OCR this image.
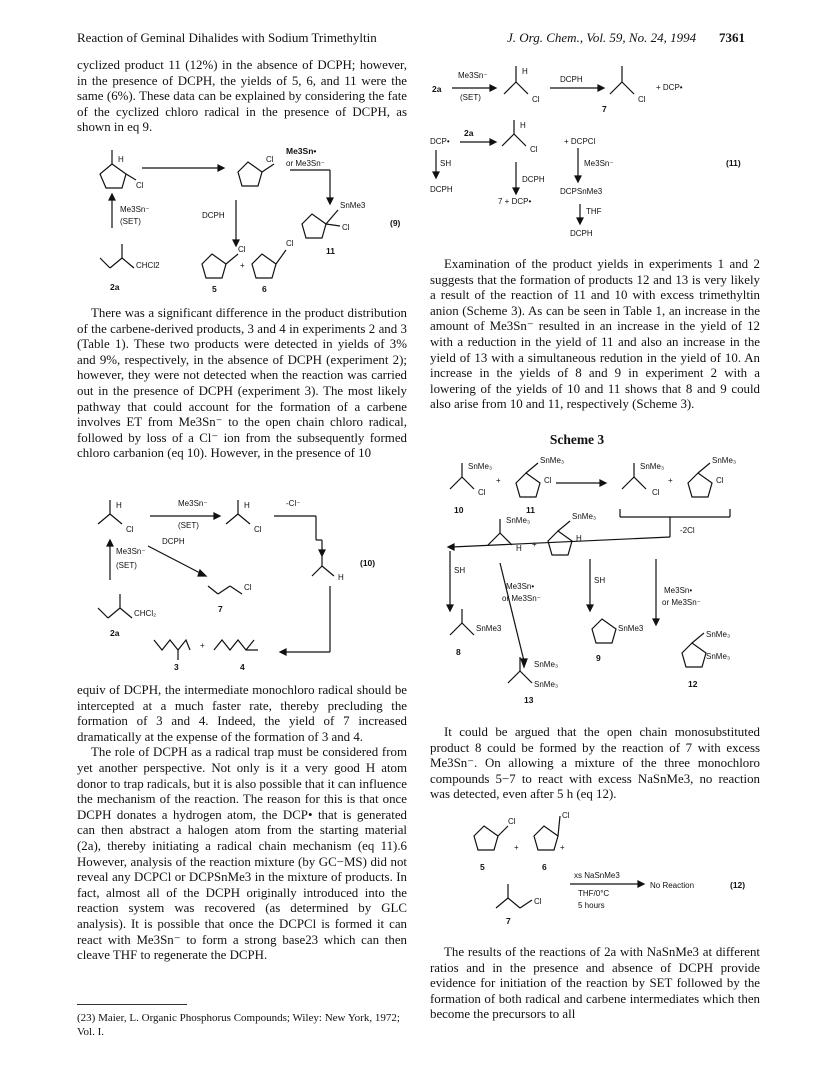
Reaction of Geminal Dihalides with Sodium Trimethyltin	J. Org. Chem., Vol. 59, No. 24, 1994 7361

cyclized product 11 (12%) in the absence of DCPH; however, in the presence of DCPH, the yields of 5, 6, and 11 were the same (6%). These data can be explained by considering the fate of the cyclized chloro radical in the presence of DCPH, as shown in eq 9.

H
Cl
Cl
Me3Sn•
or Me3Sn⁻
SnMe3
Cl
11
(9)
Me3Sn⁻
(SET)
DCPH
CHCl2
2a
Cl
Cl
+
5	6

There was a significant difference in the product distribution of the carbene-derived products, 3 and 4 in experiments 2 and 3 (Table 1). These two products were detected in yields of 3% and 9%, respectively, in the absence of DCPH (experiment 2); however, they were not detected when the reaction was carried out in the presence of DCPH (experiment 3). The most likely pathway that could account for the formation of a carbene involves ET from Me3Sn⁻ to the open chain chloro radical, followed by loss of a Cl⁻ ion from the subsequently formed chloro carbanion (eq 10). However, in the presence of 10

H
Cl
Me3Sn⁻
(SET)
H
Cl
-Cl⁻
H
(10)
Me3Sn⁻
(SET)
DCPH
Cl
7
CHCl₂
2a
+
3	4

equiv of DCPH, the intermediate monochloro radical should be intercepted at a much faster rate, thereby precluding the formation of 3 and 4. Indeed, the yield of 7 increased dramatically at the expense of the formation of 3 and 4.

The role of DCPH as a radical trap must be considered from yet another perspective. Not only is it a very good H atom donor to trap radicals, but it is also possible that it can influence the mechanism of the reaction. The reason for this is that once DCPH donates a hydrogen atom, the DCP• that is generated can then abstract a halogen atom from the starting material (2a), thereby initiating a radical chain mechanism (eq 11).6 However, analysis of the reaction mixture (by GC−MS) did not reveal any DCPCl or DCPSnMe3 in the mixture of products. In fact, almost all of the DCPH originally introduced into the reaction system was recovered (as determined by GLC analysis). It is possible that once the DCPCl is formed it can react with Me3Sn⁻ to form a strong base23 which can then cleave THF to regenerate the DCPH.

(23) Maier, L. Organic Phosphorus Compounds; Wiley: New York, 1972; Vol. I.
2a
Me3Sn⁻
(SET)
H
Cl
DCPH
Cl
7
+ DCP•
DCP•
2a
H
Cl
+ DCPCl
Me3Sn⁻	(11)
SH
DCPH
DCPH
7 + DCP•
DCPSnMe3
THF
DCPH

Examination of the product yields in experiments 1 and 2 suggests that the formation of products 12 and 13 is very likely a result of the reaction of 11 and 10 with excess trimethyltin anion (Scheme 3). As can be seen in Table 1, an increase in the amount of Me3Sn⁻ resulted in an increase in the yield of 12 with a reduction in the yield of 11 and also an increase in the yield of 13 with a simultaneous redution in the yield of 10. An increase in the yields of 8 and 9 in experiment 2 with a lowering of the yields of 10 and 11 shows that 8 and 9 could also arise from 10 and 11, respectively (Scheme 3).

Scheme 3
SnMe₃
Cl
+
SnMe₃
Cl
10	11
SnMe₃
Cl
+
SnMe₃
Cl
-2Cl
SnMe₃
H +
SnMe₃
H
SH
SH
Me3Sn•
or Me3Sn⁻
Me3Sn•
or Me3Sn⁻
SnMe3
8
SnMe3
9
SnMe₃
SnMe₃
13
SnMe₃
SnMe₃
12

It could be argued that the open chain monosubstituted product 8 could be formed by the reaction of 7 with excess Me3Sn⁻. On allowing a mixture of the three monochloro compounds 5−7 to react with excess NaSnMe3, no reaction was detected, even after 5 h (eq 12).

Cl
Cl
+	+
5	6
xs NaSnMe3
THF/0°C
5 hours
No Reaction	(12)
Cl
7

The results of the reactions of 2a with NaSnMe3 at different ratios and in the presence and absence of DCPH provide evidence for initiation of the reaction by SET followed by the formation of both radical and carbene intermediates which then become the precursors to all
